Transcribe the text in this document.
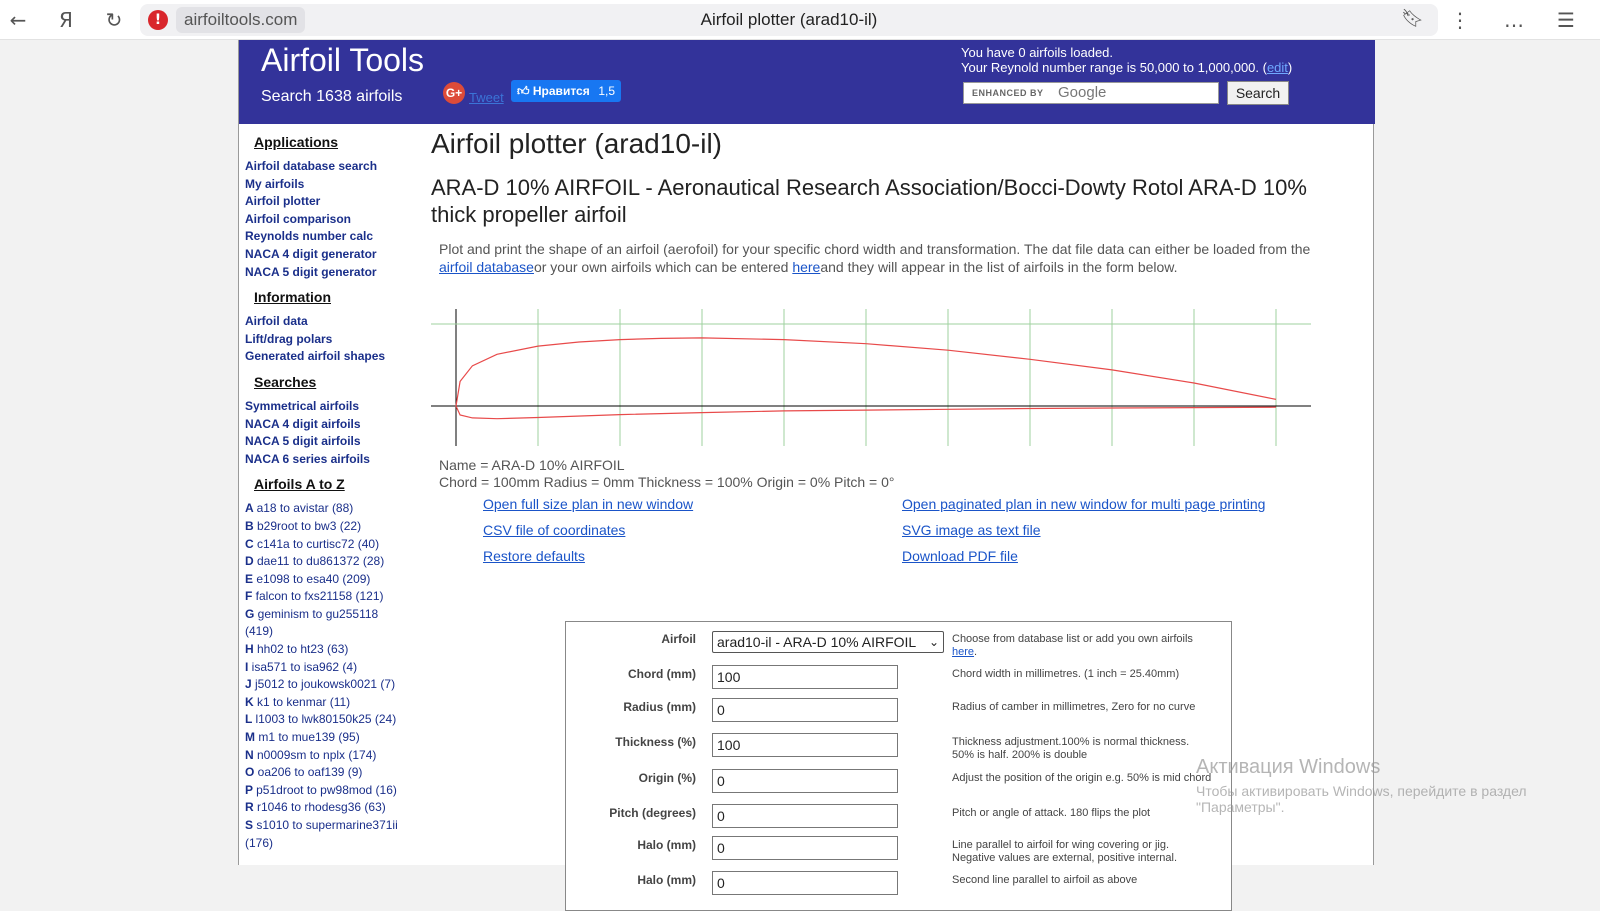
←	Я	↻	Airfoil plotter (arad10-il)
!	airfoiltools.com	🔖︎ ⋮ … ☰
Airfoil Tools
Search 1638 airfoils	G+ Tweet	👍︎ Нравится 1,5
You have 0 airfoils loaded.
Your Reynold number range is 50,000 to 1,000,000. (edit)
ENHANCED BY Google	Search
Applications
Airfoil database search
My airfoils
Airfoil plotter
Airfoil comparison
Reynolds number calc
NACA 4 digit generator
NACA 5 digit generator
Information
Airfoil data
Lift/drag polars
Generated airfoil shapes
Searches
Symmetrical airfoils
NACA 4 digit airfoils
NACA 5 digit airfoils
NACA 6 series airfoils
Airfoils A to Z
A a18 to avistar (88)
B b29root to bw3 (22)
C c141a to curtisc72 (40)
D dae11 to du861372 (28)
E e1098 to esa40 (209)
F falcon to fxs21158 (121)
G geminism to gu255118
(419)
H hh02 to ht23 (63)
I isa571 to isa962 (4)
J j5012 to joukowsk0021 (7)
K k1 to kenmar (11)
L l1003 to lwk80150k25 (24)
M m1 to mue139 (95)
N n0009sm to nplx (174)
O oa206 to oaf139 (9)
P p51droot to pw98mod (16)
R r1046 to rhodesg36 (63)
S s1010 to supermarine371ii
(176)
Airfoil plotter (arad10-il)
ARA-D 10% AIRFOIL - Aeronautical Research Association/Bocci-Dowty Rotol ARA-D 10% thick propeller airfoil
Plot and print the shape of an airfoil (aerofoil) for your specific chord width and transformation. The dat file data can either be loaded from the airfoil databaseor your own airfoils which can be entered hereand they will appear in the list of airfoils in the form below.
Name = ARA-D 10% AIRFOIL
Chord = 100mm Radius = 0mm Thickness = 100% Origin = 0% Pitch = 0°
Open full size plan in new window	Open paginated plan in new window for multi page printing
CSV file of coordinates	SVG image as text file
Restore defaults	Download PDF file
Airfoil	arad10-il - ARA-D 10% AIRFOIL ⌄ Choose from database list or add you own airfoils here.
Chord (mm)	100	Chord width in millimetres. (1 inch = 25.40mm)
Radius (mm)	0	Radius of camber in millimetres, Zero for no curve
Thickness (%)	100	Thickness adjustment.100% is normal thickness. 50% is half. 200% is double
Origin (%)	0	Adjust the position of the origin e.g. 50% is mid chord
Pitch (degrees)	0	Pitch or angle of attack. 180 flips the plot
Halo (mm)	0	Line parallel to airfoil for wing covering or jig. Negative values are external, positive internal.
Halo (mm)	0	Second line parallel to airfoil as above
Активация Windows
Чтобы активировать Windows, перейдите в раздел "Параметры".
